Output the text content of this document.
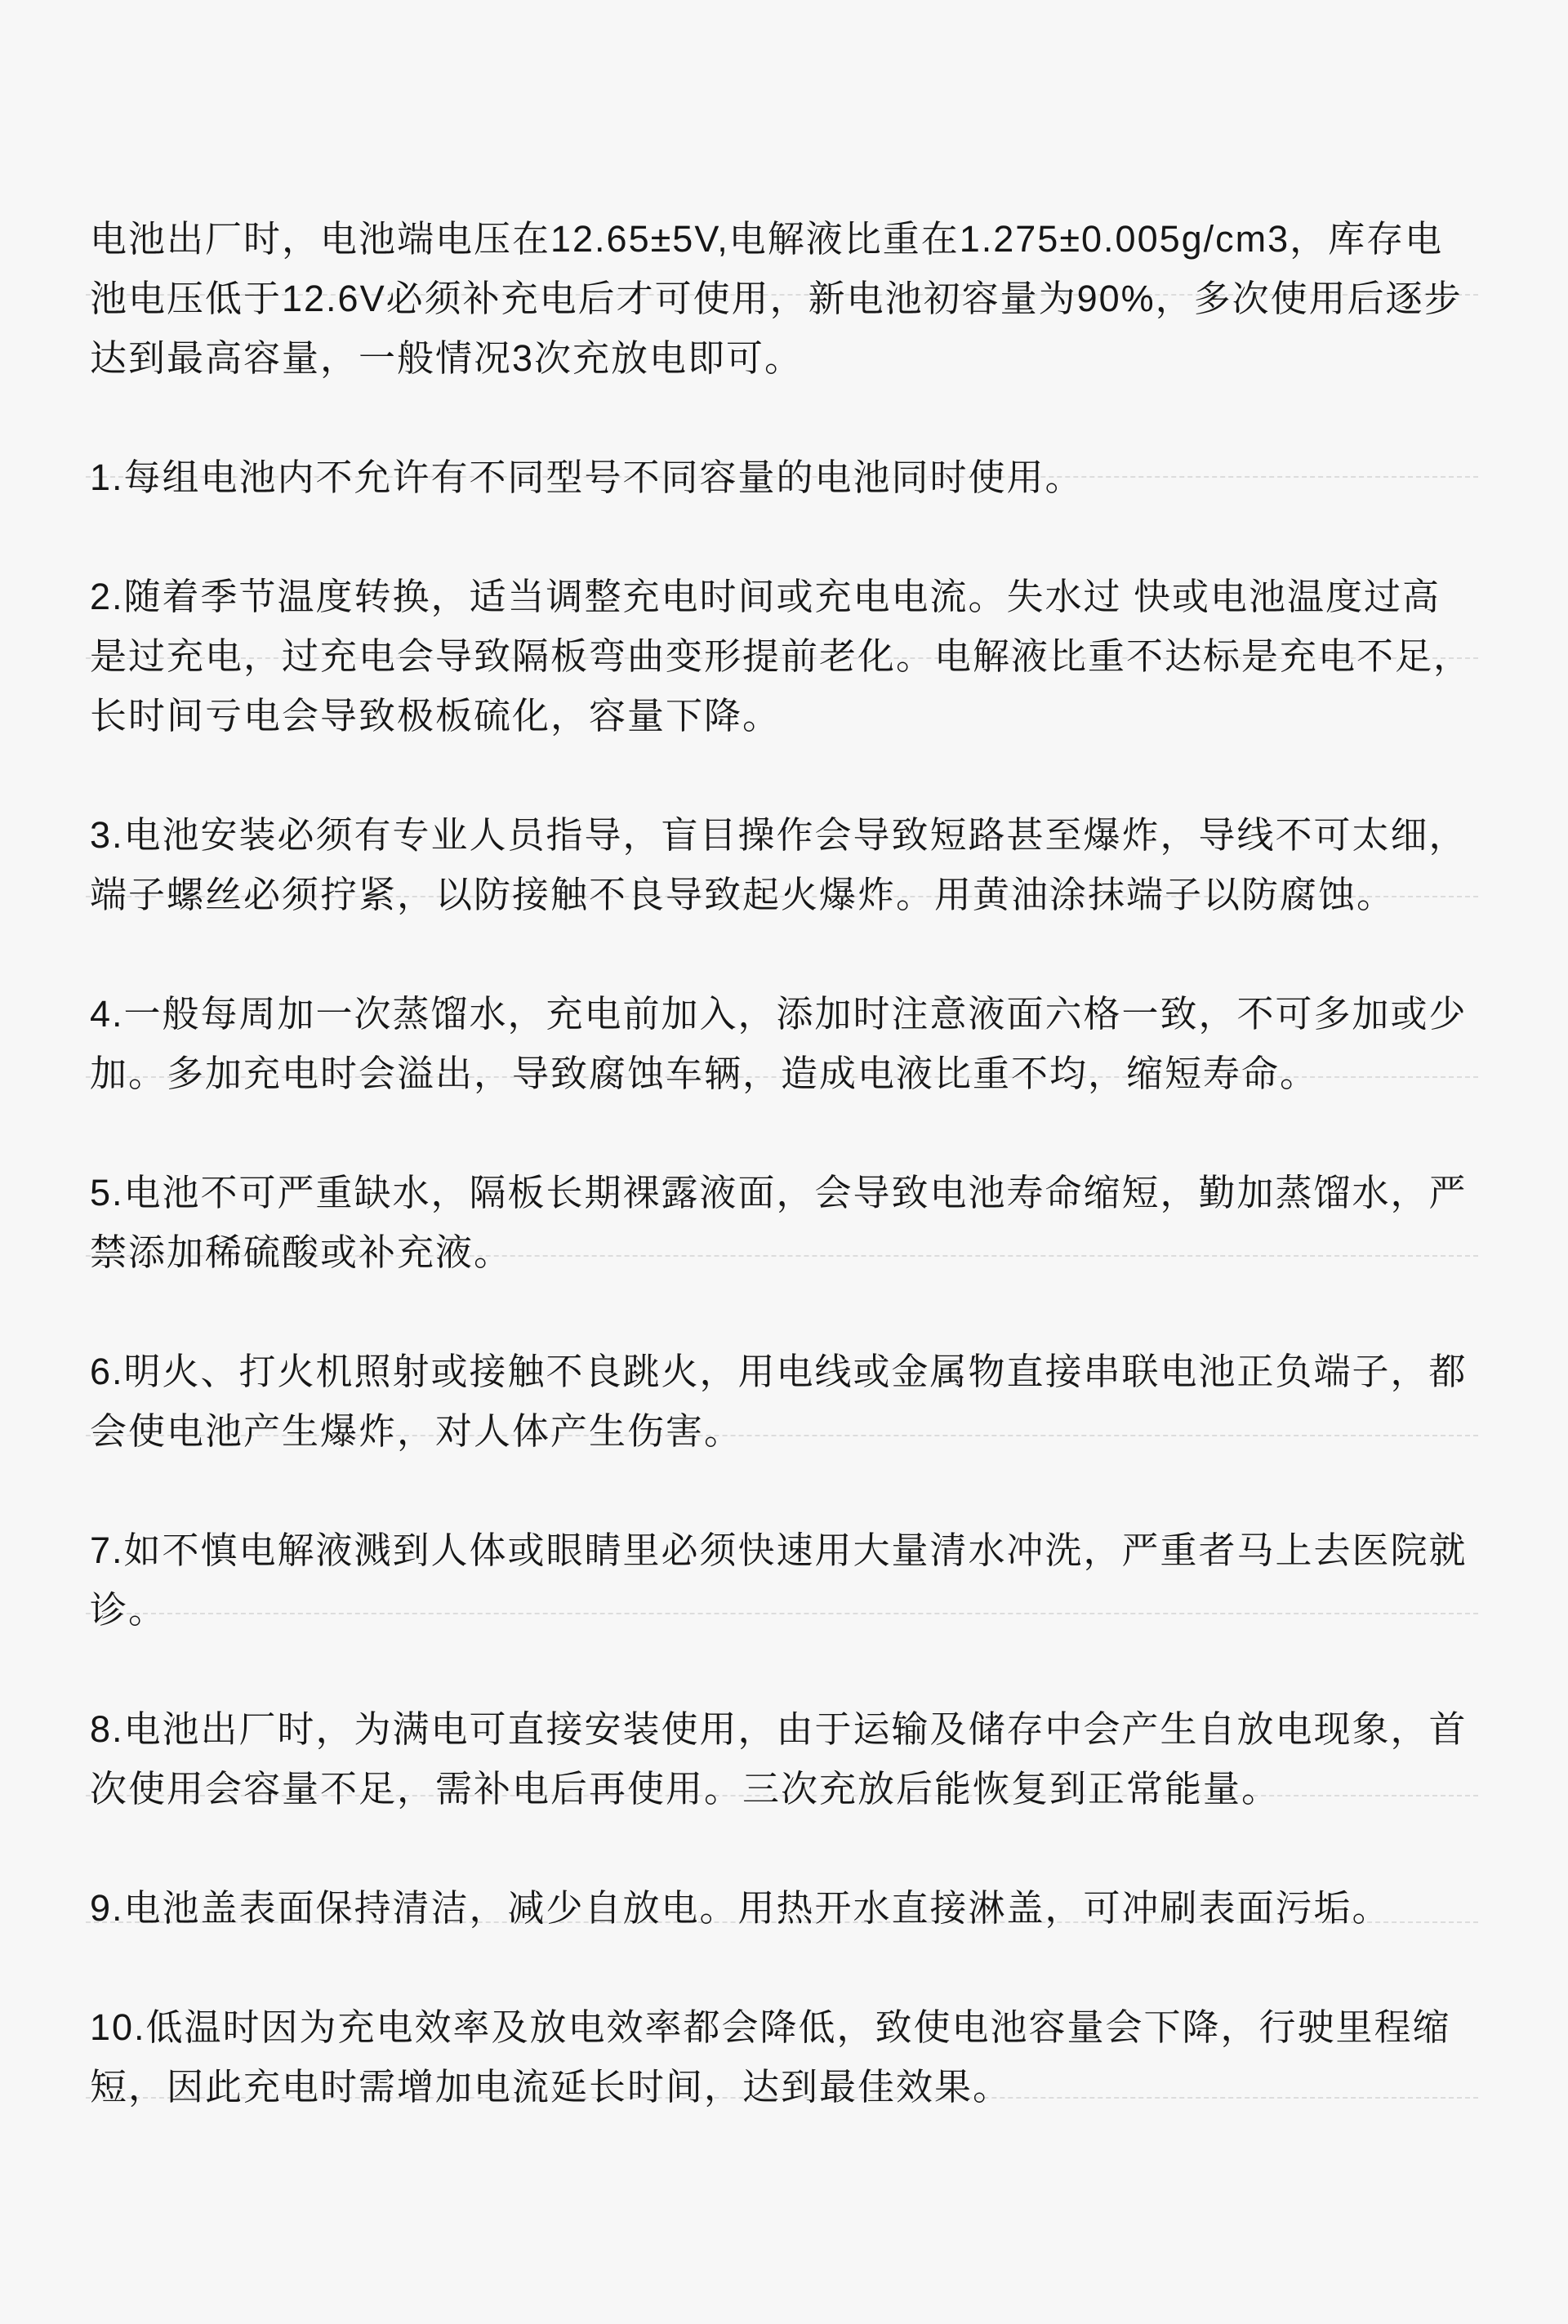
电池出厂时，电池端电压在12.65±5V,电解液比重在1.275±0.005g/cm3，库存电池电压低于12.6V必须补充电后才可使用，新电池初容量为90%，多次使用后逐步达到最高容量，一般情况3次充放电即可。

1.每组电池内不允许有不同型号不同容量的电池同时使用。

2.随着季节温度转换，适当调整充电时间或充电电流。失水过 快或电池温度过高是过充电，过充电会导致隔板弯曲变形提前老化。电解液比重不达标是充电不足，长时间亏电会导致极板硫化，容量下降。

3.电池安装必须有专业人员指导，盲目操作会导致短路甚至爆炸，导线不可太细，端子螺丝必须拧紧，以防接触不良导致起火爆炸。用黄油涂抹端子以防腐蚀。

4.一般每周加一次蒸馏水，充电前加入，添加时注意液面六格一致，不可多加或少加。多加充电时会溢出，导致腐蚀车辆，造成电液比重不均，缩短寿命。

5.电池不可严重缺水，隔板长期裸露液面，会导致电池寿命缩短，勤加蒸馏水，严禁添加稀硫酸或补充液。

6.明火、打火机照射或接触不良跳火，用电线或金属物直接串联电池正负端子，都会使电池产生爆炸，对人体产生伤害。

7.如不慎电解液溅到人体或眼睛里必须快速用大量清水冲洗，严重者马上去医院就诊。

8.电池出厂时，为满电可直接安装使用，由于运输及储存中会产生自放电现象，首次使用会容量不足，需补电后再使用。三次充放后能恢复到正常能量。

9.电池盖表面保持清洁，减少自放电。用热开水直接淋盖，可冲刷表面污垢。

10.低温时因为充电效率及放电效率都会降低，致使电池容量会下降，行驶里程缩短，因此充电时需增加电流延长时间，达到最佳效果。
